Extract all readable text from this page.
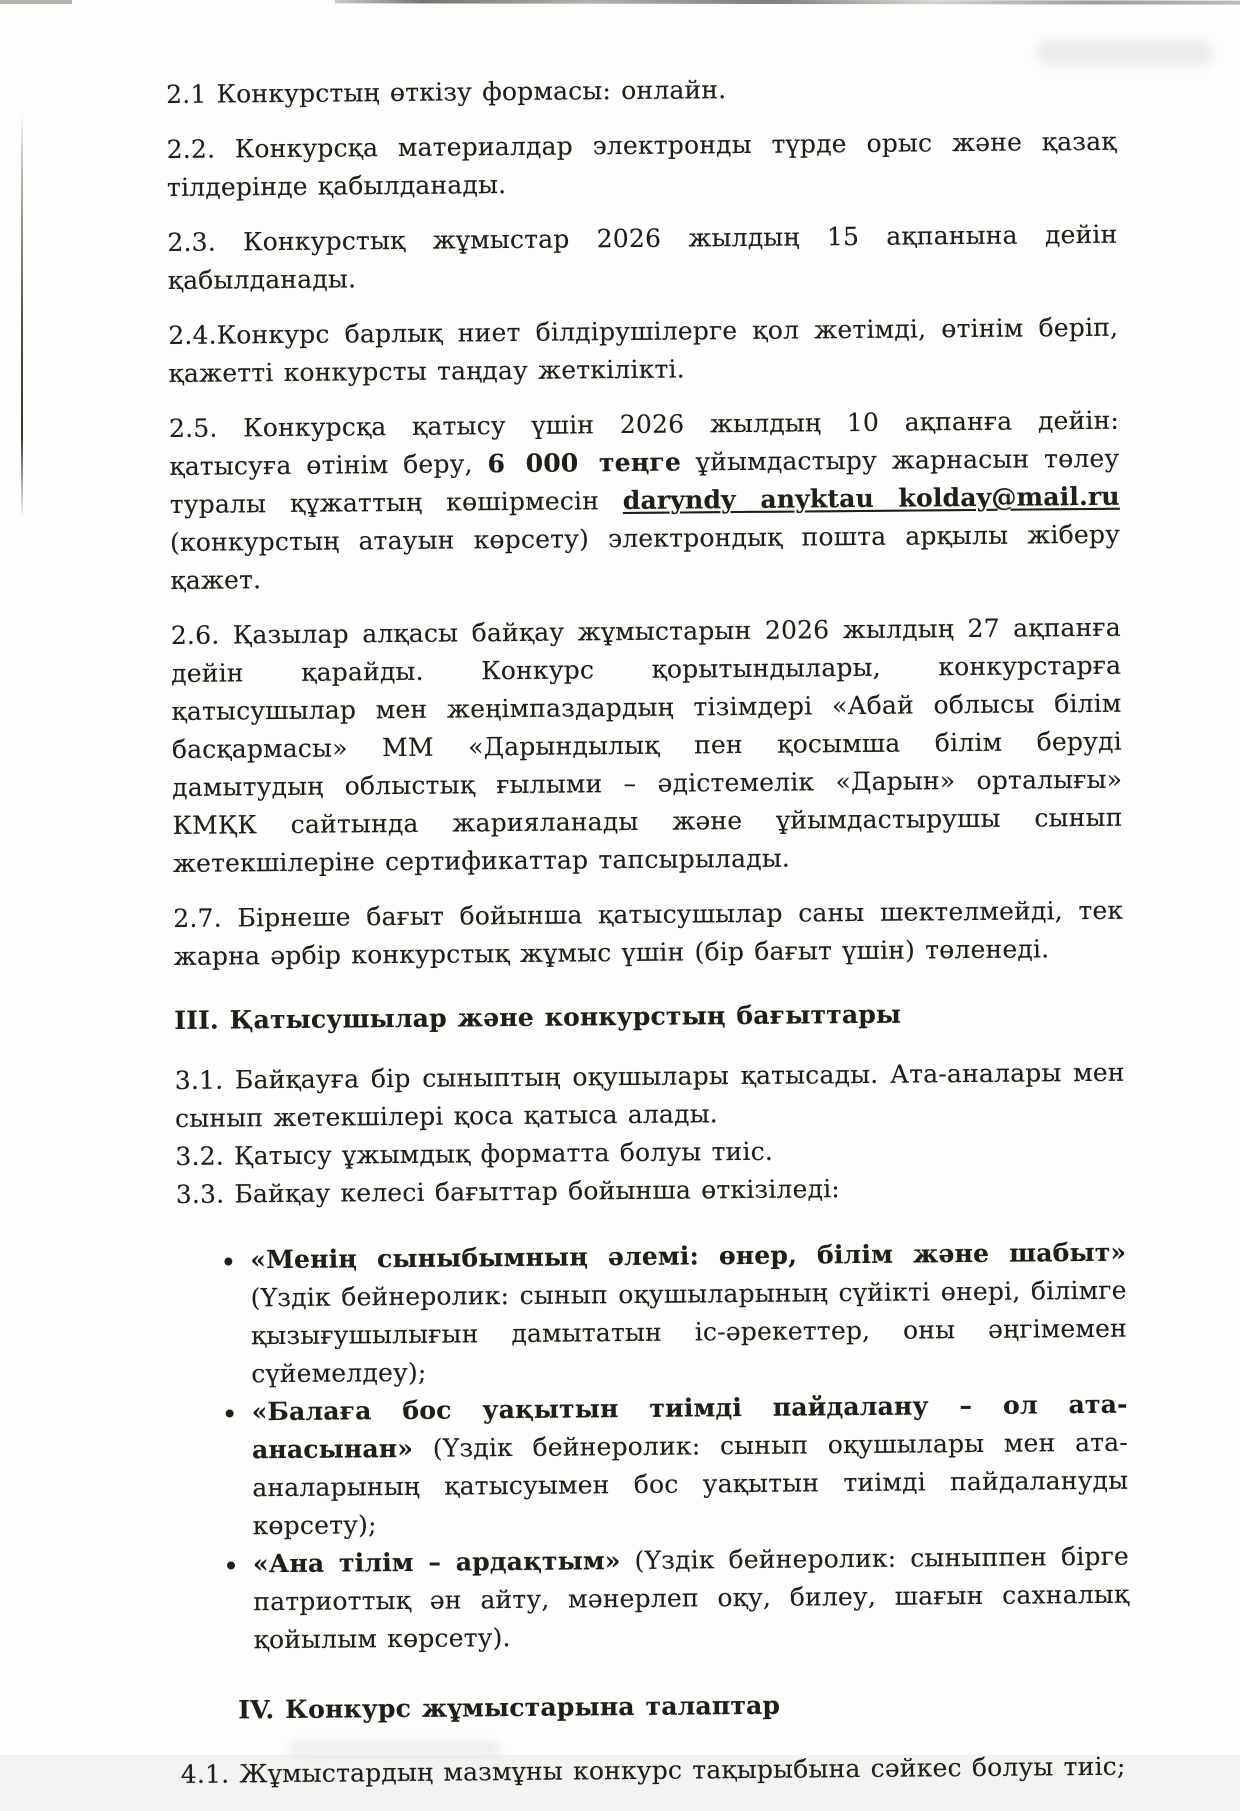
2.1 Конкурстың өткізу формасы: онлайн.

2.2. Конкурсқа материалдар электронды түрде орыс және қазақ тілдерінде қабылданады.

2.3. Конкурстық жұмыстар 2026 жылдың 15 ақпанына дейін қабылданады.

2.4.Конкурс барлық ниет білдірушілерге қол жетімді, өтінім беріп, қажетті конкурсты таңдау жеткілікті.

2.5. Конкурсқа қатысу үшін 2026 жылдың 10 ақпанға дейін: қатысуға өтінім беру, 6 000 теңге ұйымдастыру жарнасын төлеу туралы құжаттың көшірмесін daryndy anyktau kolday@mail.ru (конкурстың атауын көрсету) электрондық пошта арқылы жіберу қажет.

2.6. Қазылар алқасы байқау жұмыстарын 2026 жылдың 27 ақпанға дейін қарайды. Конкурс қорытындылары, конкурстарға қатысушылар мен жеңімпаздардың тізімдері «Абай облысы білім басқармасы» ММ «Дарындылық пен қосымша білім беруді дамытудың облыстық ғылыми – әдістемелік «Дарын» орталығы» КМҚК сайтында жарияланады және ұйымдастырушы сынып жетекшілеріне сертификаттар тапсырылады.

2.7. Бірнеше бағыт бойынша қатысушылар саны шектелмейді, тек жарна әрбір конкурстық жұмыс үшін (бір бағыт үшін) төленеді.

III. Қатысушылар және конкурстың бағыттары

3.1. Байқауға бір сыныптың оқушылары қатысады. Ата-аналары мен сынып жетекшілері қоса қатыса алады.

3.2. Қатысу ұжымдық форматта болуы тиіс.

3.3. Байқау келесі бағыттар бойынша өткізіледі:

• «Менің сыныбымның әлемі: өнер, білім және шабыт» (Үздік бейнеролик: сынып оқушыларының сүйікті өнері, білімге қызығушылығын дамытатын іс-әрекеттер, оны әңгімемен сүйемелдеу);
• «Балаға бос уақытын тиімді пайдалану – ол ата-анасынан» (Үздік бейнеролик: сынып оқушылары мен ата-аналарының қатысуымен бос уақытын тиімді пайдалануды көрсету);
• «Ана тілім – ардақтым» (Үздік бейнеролик: сыныппен бірге патриоттық ән айту, мәнерлеп оқу, билеу, шағын сахналық қойылым көрсету).
IV. Конкурс жұмыстарына талаптар

4.1. Жұмыстардың мазмұны конкурс тақырыбына сәйкес болуы тиіс;
